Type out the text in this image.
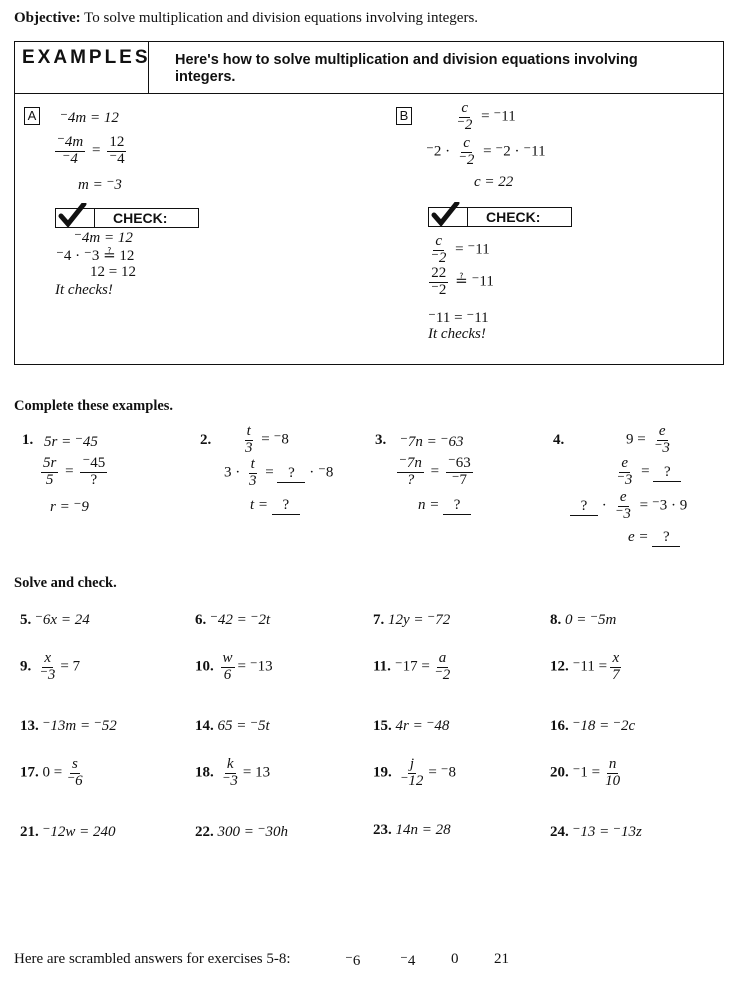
Objective: To solve multiplication and division equations involving integers.
EXAMPLES Here's how to solve multiplication and division equations involving integers.
A ⁻4m = 12
$\frac{^-4m}{^-4} = \frac{12}{^-4}$
m = ⁻3
CHECK:
⁻4m = 12
⁻4 · ⁻3 ≟ 12
12 = 12
It checks!
B	$\frac{c}{^-2} = ^-11$
$^-2 \cdot \frac{c}{^-2} = ^-2 \cdot ^-11$
c = 22
CHECK:
$\frac{c}{^-2} = ^-11$
$\frac{22}{^-2}$ ≟ ⁻11
⁻11 = ⁻11
It checks!
Complete these examples.
1. 5r = ⁻45
$\frac{5r}{5} = \frac{^-45}{?}$
r = ⁻9
2. $\frac{t}{3} = ^-8$
$3 \cdot \frac{t}{3}$ = ? · ⁻8
t = ?
3. ⁻7n = ⁻63
$\frac{^-7n}{?} = \frac{^-63}{^-7}$
n = ?
4.	$9 = \frac{e}{^-3}$
$\frac{e}{^-3}$ = ?
? · $\frac{e}{^-3} = ^-3 \cdot 9$
e = ?
Solve and check.
5. ⁻6x = 24	6. ⁻42 = ⁻2t	7. 12y = ⁻72	8. 0 = ⁻5m
9. $\frac{x}{^-3} = 7$	10. $\frac{w}{6} = ^-13$	11. $^-17 = \frac{a}{^-2}$	12. $^-11 = \frac{x}{7}$
13. ⁻13m = ⁻52	14. 65 = ⁻5t	15. 4r = ⁻48	16. ⁻18 = ⁻2c
17. $0 = \frac{s}{^-6}$	18. $\frac{k}{^-3} = 13$	19. $\frac{j}{^-12} = ^-8$	20. $^-1 = \frac{n}{10}$
21. ⁻12w = 240	22. 300 = ⁻30h	23. 14n = 28	24. ⁻13 = ⁻13z
Here are scrambled answers for exercises 5-8:	⁻6	⁻4 0 21
